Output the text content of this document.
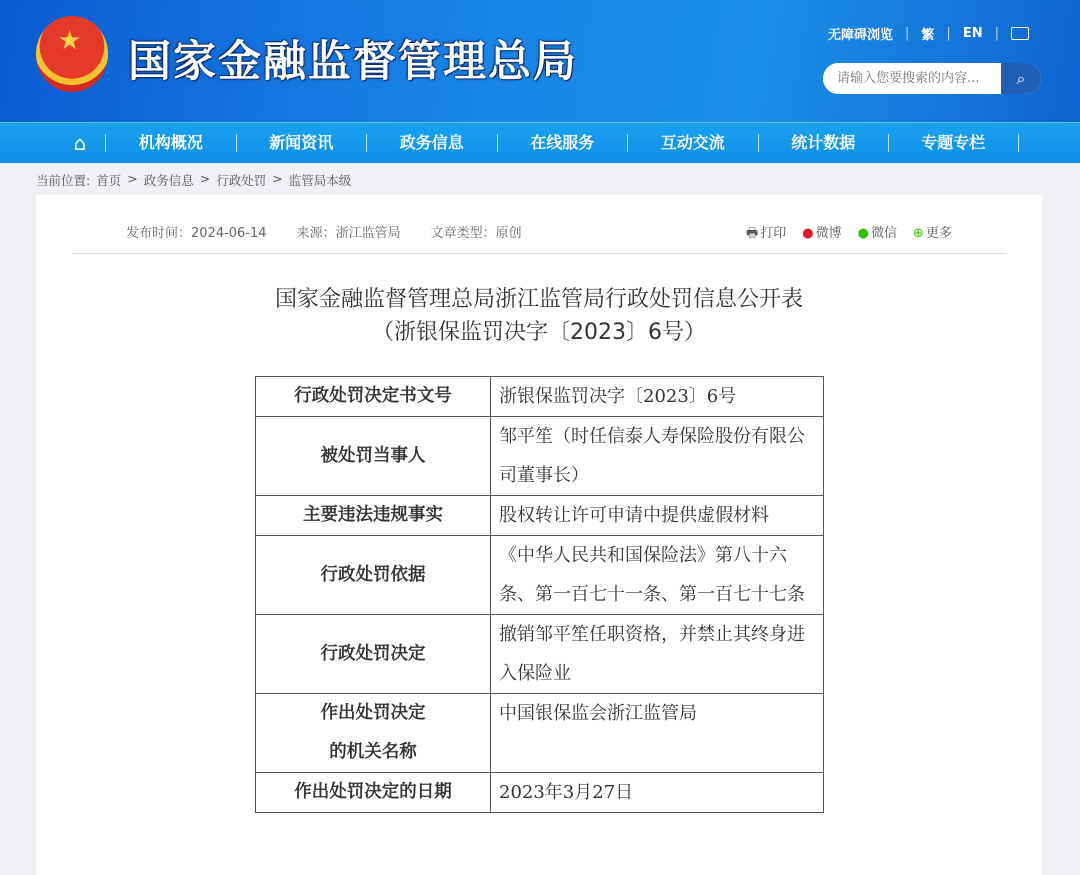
★ 国家金融监督管理总局
无障碍浏览 | 繁 | EN |
请输入您要搜索的内容...
⌕
⌂	机构概况	新闻资讯	政务信息	在线服务	互动交流	统计数据	专题专栏
当前位置: 首页 > 政务信息 > 行政处罚 > 监管局本级
发布时间：2024-06-14 来源：浙江监管局 文章类型：原创	🖶 打印 ● 微博 ● 微信 ⊕ 更多
国家金融监督管理总局浙江监管局行政处罚信息公开表
（浙银保监罚决字〔2023〕6号）
行政处罚决定书文号	浙银保监罚决字〔2023〕6号
被处罚当事人	邹平笙（时任信泰人寿保险股份有限公司董事长）
主要违法违规事实	股权转让许可申请中提供虚假材料
行政处罚依据	《中华人民共和国保险法》第八十六条、第一百七十一条、第一百七十七条
行政处罚决定	撤销邹平笙任职资格，并禁止其终身进入保险业
作出处罚决定的机关名称	中国银保监会浙江监管局
作出处罚决定的日期	2023年3月27日
